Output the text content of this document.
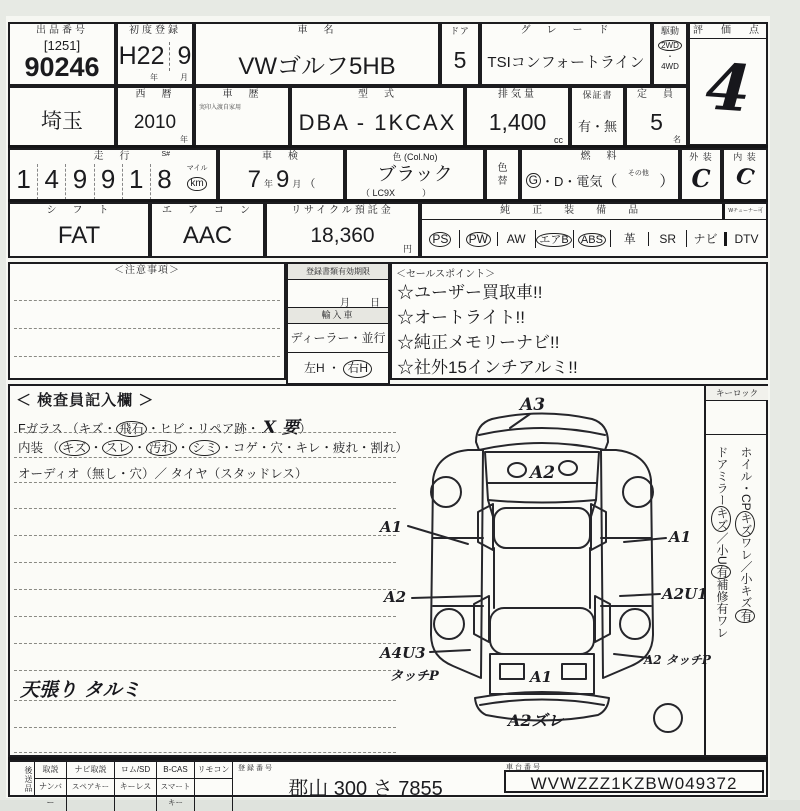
出品番号
[1251]
90246
初度登録
H22 9
年	月
車　名
VWゴルフ5HB
ドア
5
グ　レ　ー　ド
TSIコンフォートライン
駆動
2WD
・
4WD
評　価　点
4
埼玉
西　暦
2010
年
車　歴
実印入渡自家用
型　式
DBA - 1KCAX
排気量
1,400
cc
保証書
有・無
定　員
5
名
走　行	S#
1 4 9 9 1 8	マイル
km
車　検
7 年 9 月 （
色 (Col.No)
ブラック
（ LC9X　　　）
色
替
燃　料
G ・D・電気 （	その他 ）
外 装
C
内 装
C
シ　フ　ト
FAT
エ　ア　コ　ン
AAC
リサイクル預託金
18,360
円
純　正　装　備　品	Wチューナー可
PS	PW	AW	エアB	ABS	革	SR	ナビ	DTV
＜注意事項＞	登録書類有効期限
月　　日
輸入車
ディーラー・並行
左H ・ 右H
＜セールスポイント＞
☆ユーザー買取車!!
☆オートライト!!
☆純正メモリーナビ!!
☆社外15インチアルミ!!
＜ 検査員記入欄 ＞
Fガラス （キズ・ 飛石 ・ヒビ・リペア跡・ X 要）
内装 （ キズ ・ スレ ・ 汚れ ・ シミ ・コゲ・穴・キレ・疲れ・割れ）
オーディオ（無し・穴）／ タイヤ（スタッドレス）
天張り タルミ
A3
A2
A1
A2
A4U3
タッチP
A1
A2U1
A2 タッチP
A1
A2ズレ
キーロック
ホイル・CPキズワレ／小キズ有
ドアミラーキズ／小U有補修有ワレ
後送品	取説	ナビ取説	ロム/SD	B-CAS	リモコン
ナンバー
スペアキー	キーレス	スマートキー
登録番号
郡山 300 さ 7855
車台番号
WVWZZZ1KZBW049372
